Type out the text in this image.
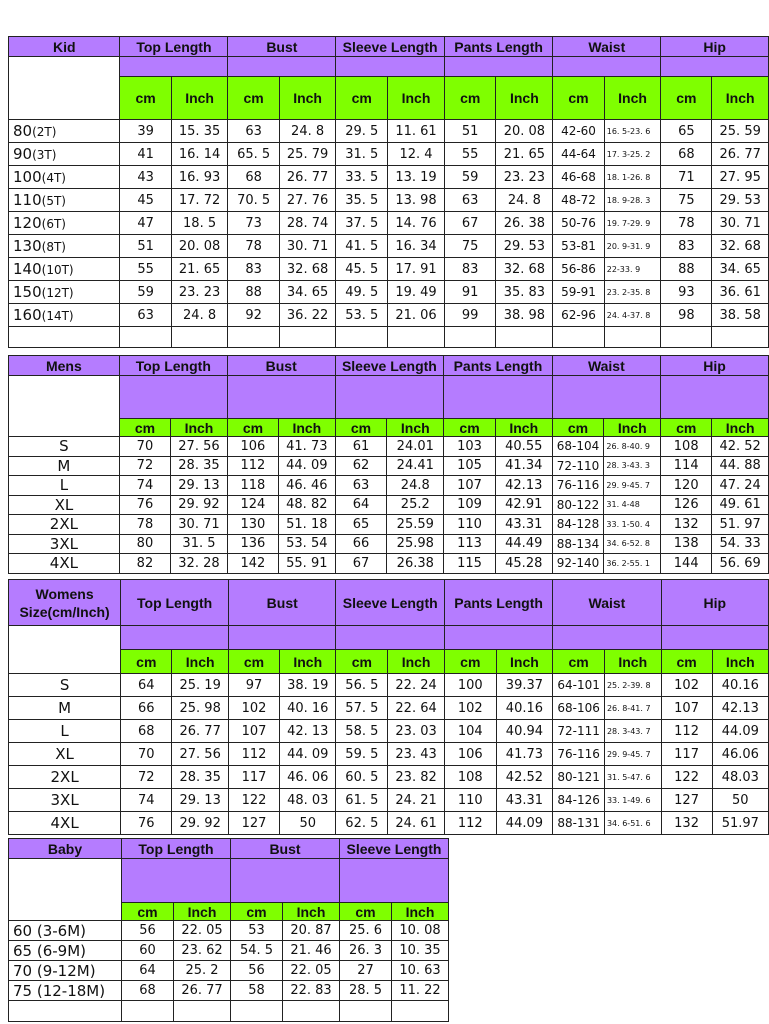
Kid	Top Length		Bust		Sleeve Length		Pants Length		Waist		Hip	

	cm	Inch	cm	Inch	cm	Inch	cm	Inch	cm	Inch	cm	Inch
80(2T)	39	15. 35	63	24. 8	29. 5	11. 61	51	20. 08	42-60	16. 5-23. 6	65	25. 59
90(3T)	41	16. 14	65. 5	25. 79	31. 5	12. 4	55	21. 65	44-64	17. 3-25. 2	68	26. 77
100(4T)	43	16. 93	68	26. 77	33. 5	13. 19	59	23. 23	46-68	18. 1-26. 8	71	27. 95
110(5T)	45	17. 72	70. 5	27. 76	35. 5	13. 98	63	24. 8	48-72	18. 9-28. 3	75	29. 53
120(6T)	47	18. 5	73	28. 74	37. 5	14. 76	67	26. 38	50-76	19. 7-29. 9	78	30. 71
130(8T)	51	20. 08	78	30. 71	41. 5	16. 34	75	29. 53	53-81	20. 9-31. 9	83	32. 68
140(10T)	55	21. 65	83	32. 68	45. 5	17. 91	83	32. 68	56-86	22-33. 9	88	34. 65
150(12T)	59	23. 23	88	34. 65	49. 5	19. 49	91	35. 83	59-91	23. 2-35. 8	93	36. 61
160(14T)	63	24. 8	92	36. 22	53. 5	21. 06	99	38. 98	62-96	24. 4-37. 8	98	38. 58

Mens	Top Length		Bust		Sleeve Length		Pants Length		Waist		Hip	

	cm	Inch	cm	Inch	cm	Inch	cm	Inch	cm	Inch	cm	Inch
S	70	27. 56	106	41. 73	61	24.01	103	40.55	68-104	26. 8-40. 9	108	42. 52
M	72	28. 35	112	44. 09	62	24.41	105	41.34	72-110	28. 3-43. 3	114	44. 88
L	74	29. 13	118	46. 46	63	24.8	107	42.13	76-116	29. 9-45. 7	120	47. 24
XL	76	29. 92	124	48. 82	64	25.2	109	42.91	80-122	31. 4-48	126	49. 61
2XL	78	30. 71	130	51. 18	65	25.59	110	43.31	84-128	33. 1-50. 4	132	51. 97
3XL	80	31. 5	136	53. 54	66	25.98	113	44.49	88-134	34. 6-52. 8	138	54. 33
4XL	82	32. 28	142	55. 91	67	26.38	115	45.28	92-140	36. 2-55. 1	144	56. 69
Womens
Size(cm/Inch)	Top Length		Bust		Sleeve Length		Pants Length		Waist		Hip	

	cm	Inch	cm	Inch	cm	Inch	cm	Inch	cm	Inch	cm	Inch
S	64	25. 19	97	38. 19	56. 5	22. 24	100	39.37	64-101	25. 2-39. 8	102	40.16
M	66	25. 98	102	40. 16	57. 5	22. 64	102	40.16	68-106	26. 8-41. 7	107	42.13
L	68	26. 77	107	42. 13	58. 5	23. 03	104	40.94	72-111	28. 3-43. 7	112	44.09
XL	70	27. 56	112	44. 09	59. 5	23. 43	106	41.73	76-116	29. 9-45. 7	117	46.06
2XL	72	28. 35	117	46. 06	60. 5	23. 82	108	42.52	80-121	31. 5-47. 6	122	48.03
3XL	74	29. 13	122	48. 03	61. 5	24. 21	110	43.31	84-126	33. 1-49. 6	127	50
4XL	76	29. 92	127	50	62. 5	24. 61	112	44.09	88-131	34. 6-51. 6	132	51.97
Baby	Top Length		Bust		Sleeve Length	

	cm	Inch	cm	Inch	cm	Inch
60 (3-6M)	56	22. 05	53	20. 87	25. 6	10. 08
65 (6-9M)	60	23. 62	54. 5	21. 46	26. 3	10. 35
70 (9-12M)	64	25. 2	56	22. 05	27	10. 63
75 (12-18M)	68	26. 77	58	22. 83	28. 5	11. 22
